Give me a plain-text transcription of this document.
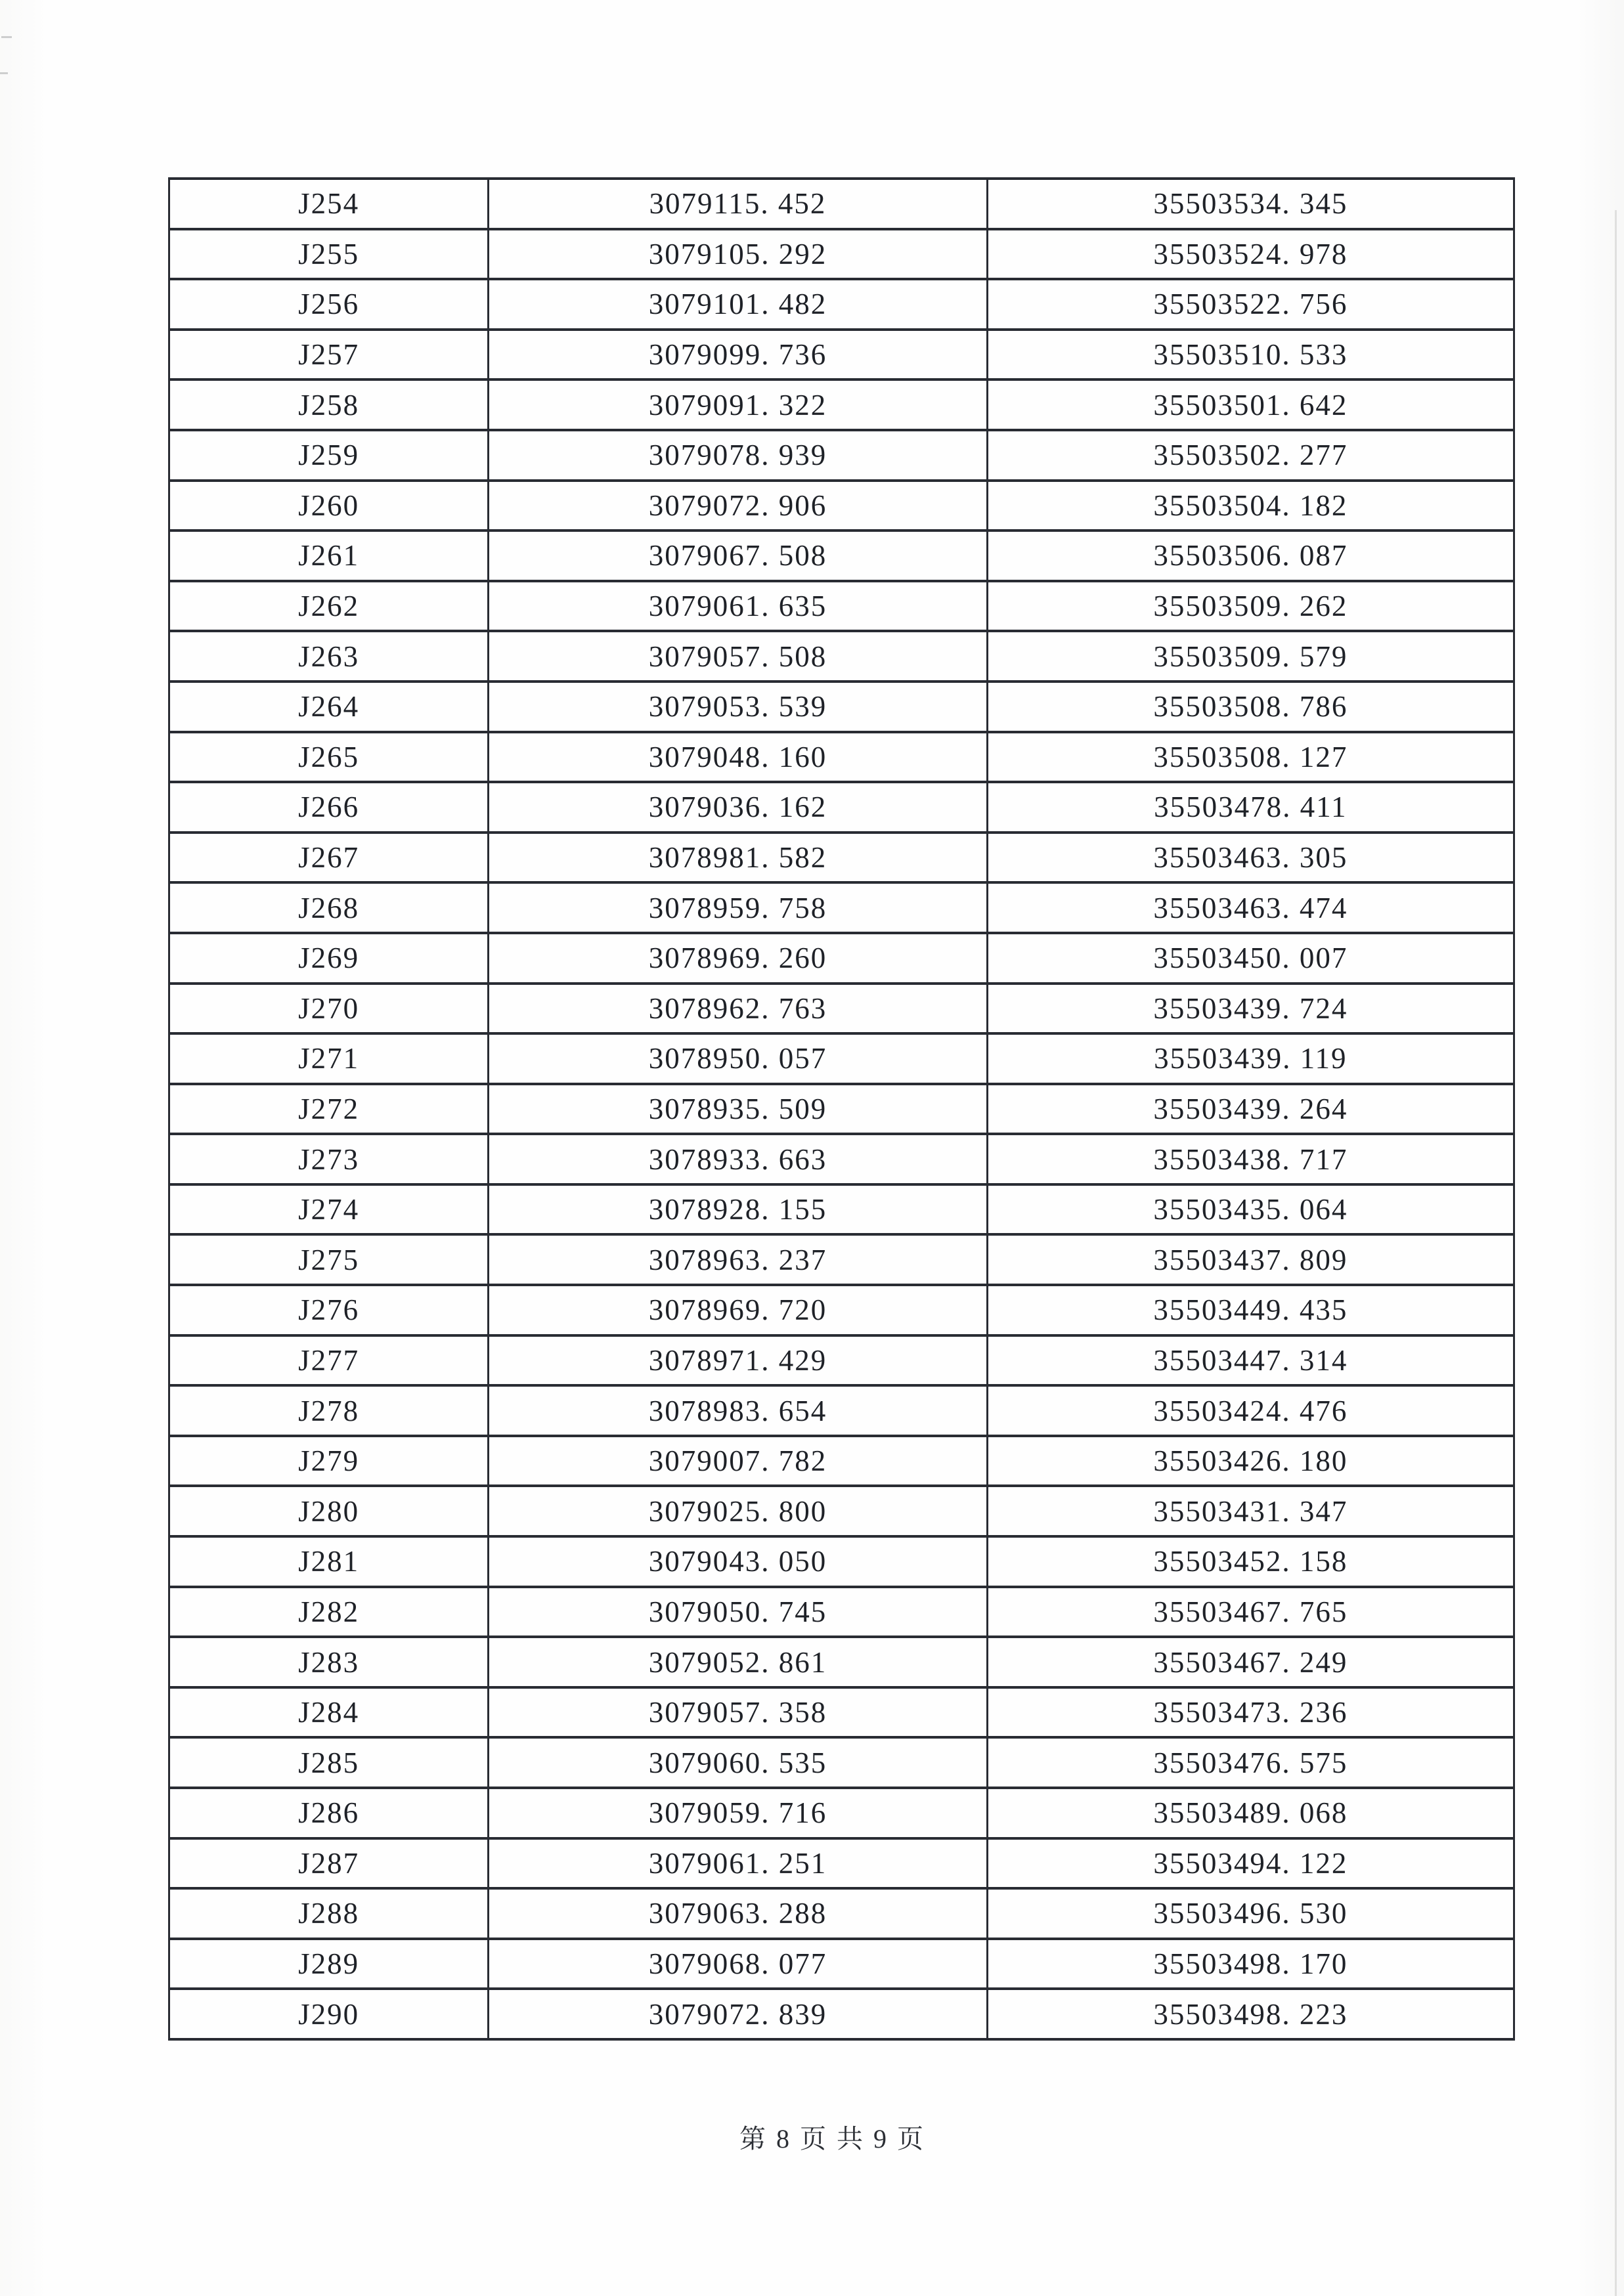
J254	3079115. 452	35503534. 345
J255	3079105. 292	35503524. 978
J256	3079101. 482	35503522. 756
J257	3079099. 736	35503510. 533
J258	3079091. 322	35503501. 642
J259	3079078. 939	35503502. 277
J260	3079072. 906	35503504. 182
J261	3079067. 508	35503506. 087
J262	3079061. 635	35503509. 262
J263	3079057. 508	35503509. 579
J264	3079053. 539	35503508. 786
J265	3079048. 160	35503508. 127
J266	3079036. 162	35503478. 411
J267	3078981. 582	35503463. 305
J268	3078959. 758	35503463. 474
J269	3078969. 260	35503450. 007
J270	3078962. 763	35503439. 724
J271	3078950. 057	35503439. 119
J272	3078935. 509	35503439. 264
J273	3078933. 663	35503438. 717
J274	3078928. 155	35503435. 064
J275	3078963. 237	35503437. 809
J276	3078969. 720	35503449. 435
J277	3078971. 429	35503447. 314
J278	3078983. 654	35503424. 476
J279	3079007. 782	35503426. 180
J280	3079025. 800	35503431. 347
J281	3079043. 050	35503452. 158
J282	3079050. 745	35503467. 765
J283	3079052. 861	35503467. 249
J284	3079057. 358	35503473. 236
J285	3079060. 535	35503476. 575
J286	3079059. 716	35503489. 068
J287	3079061. 251	35503494. 122
J288	3079063. 288	35503496. 530
J289	3079068. 077	35503498. 170
J290	3079072. 839	35503498. 223
第 8 页 共 9 页
